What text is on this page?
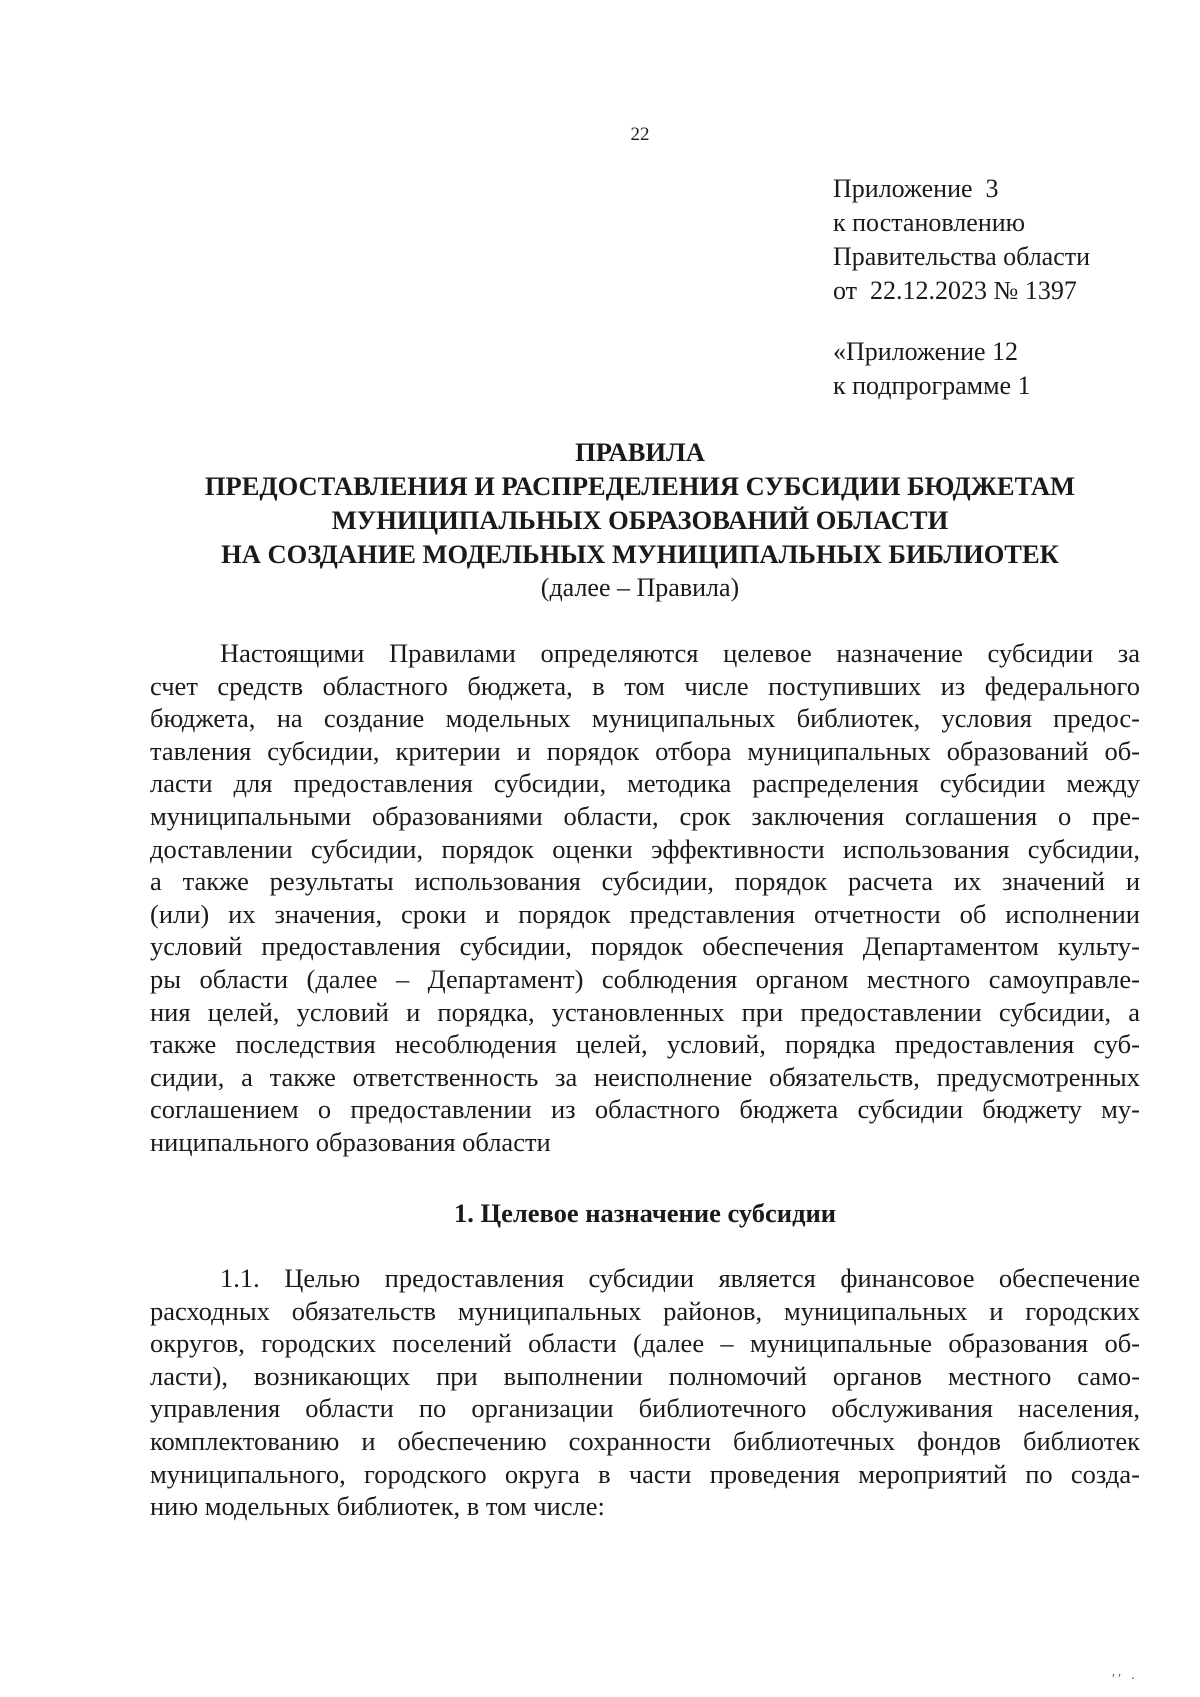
22
Приложение  3
к постановлению
Правительства области
от  22.12.2023 № 1397
«Приложение 12
к подпрограмме 1
ПРАВИЛА
ПРЕДОСТАВЛЕНИЯ И РАСПРЕДЕЛЕНИЯ СУБСИДИИ БЮДЖЕТАМ
МУНИЦИПАЛЬНЫХ ОБРАЗОВАНИЙ ОБЛАСТИ
НА СОЗДАНИЕ МОДЕЛЬНЫХ МУНИЦИПАЛЬНЫХ БИБЛИОТЕК
(далее – Правила)
Настоящими Правилами определяются целевое назначение субсидии за
счет средств областного бюджета, в том числе поступивших из федерального
бюджета, на создание модельных муниципальных библиотек, условия предос-
тавления субсидии, критерии и порядок отбора муниципальных образований об-
ласти для предоставления субсидии, методика распределения субсидии между
муниципальными образованиями области, срок заключения соглашения о пре-
доставлении субсидии, порядок оценки эффективности использования субсидии,
а также результаты использования субсидии, порядок расчета их значений и
(или) их значения, сроки и порядок представления отчетности об исполнении
условий предоставления субсидии, порядок обеспечения Департаментом культу-
ры области (далее – Департамент) соблюдения органом местного самоуправле-
ния целей, условий и порядка, установленных при предоставлении субсидии, а
также последствия несоблюдения целей, условий, порядка предоставления суб-
сидии, а также ответственность за неисполнение обязательств, предусмотренных
соглашением о предоставлении из областного бюджета субсидии бюджету му-
ниципального образования области
1. Целевое назначение субсидии
1.1. Целью предоставления субсидии является финансовое обеспечение
расходных обязательств муниципальных районов, муниципальных и городских
округов, городских поселений области (далее – муниципальные образования об-
ласти), возникающих при выполнении полномочий органов местного само-
управления области по организации библиотечного обслуживания населения,
комплектованию и обеспечению сохранности библиотечных фондов библиотек
муниципального, городского округа в части проведения мероприятий по созда-
нию модельных библиотек, в том числе:
′′ ·
